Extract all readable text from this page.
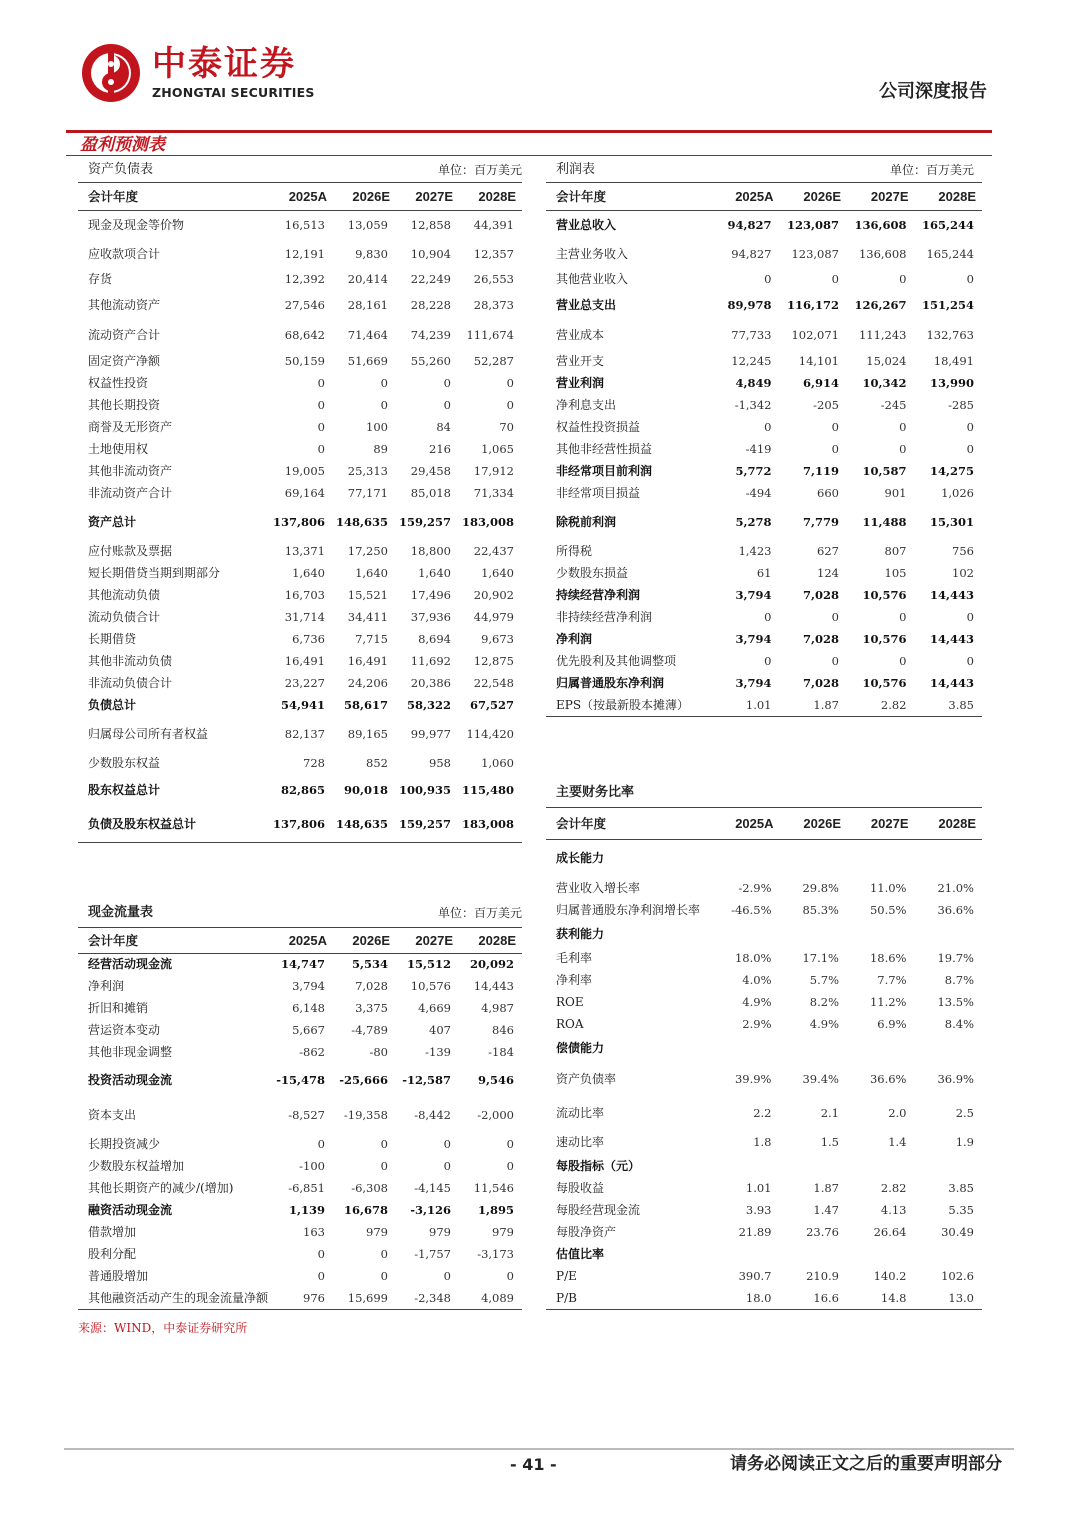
中泰证券
ZHONGTAI SECURITIES	公司深度报告
盈利预测表
资产负债表	单位：百万美元
会计年度	2025A	2026E	2027E	2028E
现金及现金等价物	16,513	13,059	12,858	44,391
应收款项合计	12,191	9,830	10,904	12,357
存货	12,392	20,414	22,249	26,553
其他流动资产	27,546	28,161	28,228	28,373
流动资产合计	68,642	71,464	74,239	111,674
固定资产净额	50,159	51,669	55,260	52,287
权益性投资	0	0	0	0
其他长期投资	0	0	0	0
商誉及无形资产	0	100	84	70
土地使用权	0	89	216	1,065
其他非流动资产	19,005	25,313	29,458	17,912
非流动资产合计	69,164	77,171	85,018	71,334
资产总计	137,806	148,635	159,257	183,008
应付账款及票据	13,371	17,250	18,800	22,437
短长期借贷当期到期部分	1,640	1,640	1,640	1,640
其他流动负债	16,703	15,521	17,496	20,902
流动负债合计	31,714	34,411	37,936	44,979
长期借贷	6,736	7,715	8,694	9,673
其他非流动负债	16,491	16,491	11,692	12,875
非流动负债合计	23,227	24,206	20,386	22,548
负债总计	54,941	58,617	58,322	67,527
归属母公司所有者权益	82,137	89,165	99,977	114,420
少数股东权益	728	852	958	1,060
股东权益总计	82,865	90,018	100,935	115,480
负债及股东权益总计	137,806	148,635	159,257	183,008
利润表	单位：百万美元
会计年度	2025A	2026E	2027E	2028E
营业总收入	94,827	123,087	136,608	165,244
主营业务收入	94,827	123,087	136,608	165,244
其他营业收入	0	0	0	0
营业总支出	89,978	116,172	126,267	151,254
营业成本	77,733	102,071	111,243	132,763
营业开支	12,245	14,101	15,024	18,491
营业利润	4,849	6,914	10,342	13,990
净利息支出	-1,342	-205	-245	-285
权益性投资损益	0	0	0	0
其他非经营性损益	-419	0	0	0
非经常项目前利润	5,772	7,119	10,587	14,275
非经常项目损益	-494	660	901	1,026
除税前利润	5,278	7,779	11,488	15,301
所得税	1,423	627	807	756
少数股东损益	61	124	105	102
持续经营净利润	3,794	7,028	10,576	14,443
非持续经营净利润	0	0	0	0
净利润	3,794	7,028	10,576	14,443
优先股利及其他调整项	0	0	0	0
归属普通股东净利润	3,794	7,028	10,576	14,443
EPS（按最新股本摊薄）	1.01	1.87	2.82	3.85
主要财务比率
会计年度	2025A	2026E	2027E	2028E
成长能力				
营业收入增长率	-2.9%	29.8%	11.0%	21.0%
归属普通股东净利润增长率	-46.5%	85.3%	50.5%	36.6%
获利能力				
毛利率	18.0%	17.1%	18.6%	19.7%
净利率	4.0%	5.7%	7.7%	8.7%
ROE	4.9%	8.2%	11.2%	13.5%
ROA	2.9%	4.9%	6.9%	8.4%
偿债能力				
资产负债率	39.9%	39.4%	36.6%	36.9%
流动比率	2.2	2.1	2.0	2.5
速动比率	1.8	1.5	1.4	1.9
每股指标（元）				
每股收益	1.01	1.87	2.82	3.85
每股经营现金流	3.93	1.47	4.13	5.35
每股净资产	21.89	23.76	26.64	30.49
估值比率				
P/E	390.7	210.9	140.2	102.6
P/B	18.0	16.6	14.8	13.0
现金流量表	单位：百万美元
会计年度	2025A	2026E	2027E	2028E
经营活动现金流	14,747	5,534	15,512	20,092
净利润	3,794	7,028	10,576	14,443
折旧和摊销	6,148	3,375	4,669	4,987
营运资本变动	5,667	-4,789	407	846
其他非现金调整	-862	-80	-139	-184
投资活动现金流	-15,478	-25,666	-12,587	9,546
资本支出	-8,527	-19,358	-8,442	-2,000
长期投资减少	0	0	0	0
少数股东权益增加	-100	0	0	0
其他长期资产的减少/(增加)	-6,851	-6,308	-4,145	11,546
融资活动现金流	1,139	16,678	-3,126	1,895
借款增加	163	979	979	979
股利分配	0	0	-1,757	-3,173
普通股增加	0	0	0	0
其他融资活动产生的现金流量净额	976	15,699	-2,348	4,089
来源：WIND，中泰证券研究所
- 41 -	请务必阅读正文之后的重要声明部分
